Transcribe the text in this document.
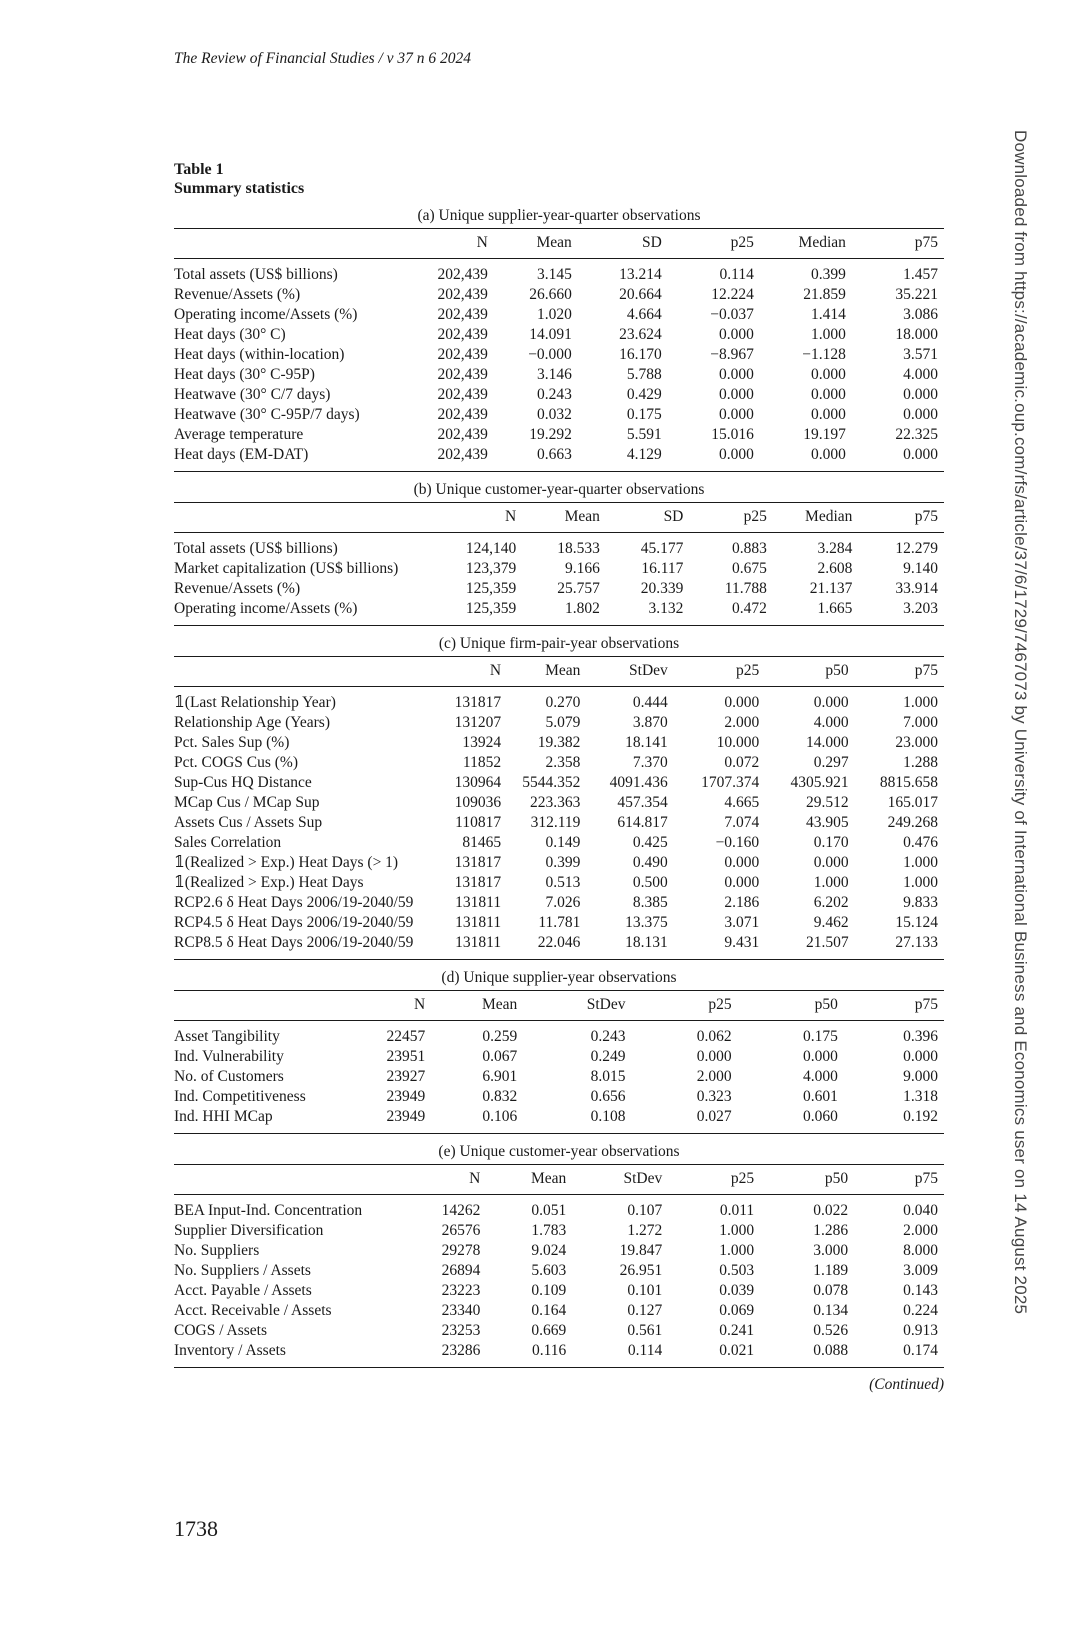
The Review of Financial Studies / v 37 n 6 2024
Table 1
Summary statistics
(a) Unique supplier-year-quarter observations
	N	Mean	SD	p25	Median	p75

Total assets (US$ billions)	202,439	3.145	13.214	0.114	0.399	1.457
Revenue/Assets (%)	202,439	26.660	20.664	12.224	21.859	35.221
Operating income/Assets (%)	202,439	1.020	4.664	−0.037	1.414	3.086
Heat days (30° C)	202,439	14.091	23.624	0.000	1.000	18.000
Heat days (within-location)	202,439	−0.000	16.170	−8.967	−1.128	3.571
Heat days (30° C-95P)	202,439	3.146	5.788	0.000	0.000	4.000
Heatwave (30° C/7 days)	202,439	0.243	0.429	0.000	0.000	0.000
Heatwave (30° C-95P/7 days)	202,439	0.032	0.175	0.000	0.000	0.000
Average temperature	202,439	19.292	5.591	15.016	19.197	22.325
Heat days (EM-DAT)	202,439	0.663	4.129	0.000	0.000	0.000

(b) Unique customer-year-quarter observations
	N	Mean	SD	p25	Median	p75

Total assets (US$ billions)	124,140	18.533	45.177	0.883	3.284	12.279
Market capitalization (US$ billions)	123,379	9.166	16.117	0.675	2.608	9.140
Revenue/Assets (%)	125,359	25.757	20.339	11.788	21.137	33.914
Operating income/Assets (%)	125,359	1.802	3.132	0.472	1.665	3.203

(c) Unique firm-pair-year observations
	N	Mean	StDev	p25	p50	p75

𝟙(Last Relationship Year)	131817	0.270	0.444	0.000	0.000	1.000
Relationship Age (Years)	131207	5.079	3.870	2.000	4.000	7.000
Pct. Sales Sup (%)	13924	19.382	18.141	10.000	14.000	23.000
Pct. COGS Cus (%)	11852	2.358	7.370	0.072	0.297	1.288
Sup-Cus HQ Distance	130964	5544.352	4091.436	1707.374	4305.921	8815.658
MCap Cus / MCap Sup	109036	223.363	457.354	4.665	29.512	165.017
Assets Cus / Assets Sup	110817	312.119	614.817	7.074	43.905	249.268
Sales Correlation	81465	0.149	0.425	−0.160	0.170	0.476
𝟙(Realized > Exp.) Heat Days (> 1)	131817	0.399	0.490	0.000	0.000	1.000
𝟙(Realized > Exp.) Heat Days	131817	0.513	0.500	0.000	1.000	1.000
RCP2.6 δ Heat Days 2006/19-2040/59	131811	7.026	8.385	2.186	6.202	9.833
RCP4.5 δ Heat Days 2006/19-2040/59	131811	11.781	13.375	3.071	9.462	15.124
RCP8.5 δ Heat Days 2006/19-2040/59	131811	22.046	18.131	9.431	21.507	27.133

(d) Unique supplier-year observations
	N	Mean	StDev	p25	p50	p75

Asset Tangibility	22457	0.259	0.243	0.062	0.175	0.396
Ind. Vulnerability	23951	0.067	0.249	0.000	0.000	0.000
No. of Customers	23927	6.901	8.015	2.000	4.000	9.000
Ind. Competitiveness	23949	0.832	0.656	0.323	0.601	1.318
Ind. HHI MCap	23949	0.106	0.108	0.027	0.060	0.192

(e) Unique customer-year observations
	N	Mean	StDev	p25	p50	p75

BEA Input-Ind. Concentration	14262	0.051	0.107	0.011	0.022	0.040
Supplier Diversification	26576	1.783	1.272	1.000	1.286	2.000
No. Suppliers	29278	9.024	19.847	1.000	3.000	8.000
No. Suppliers / Assets	26894	5.603	26.951	0.503	1.189	3.009
Acct. Payable / Assets	23223	0.109	0.101	0.039	0.078	0.143
Acct. Receivable / Assets	23340	0.164	0.127	0.069	0.134	0.224
COGS / Assets	23253	0.669	0.561	0.241	0.526	0.913
Inventory / Assets	23286	0.116	0.114	0.021	0.088	0.174

(Continued)
1738
Downloaded from https://academic.oup.com/rfs/article/37/6/1729/7467073 by University of International Business and Economics user on 14 August 2025
